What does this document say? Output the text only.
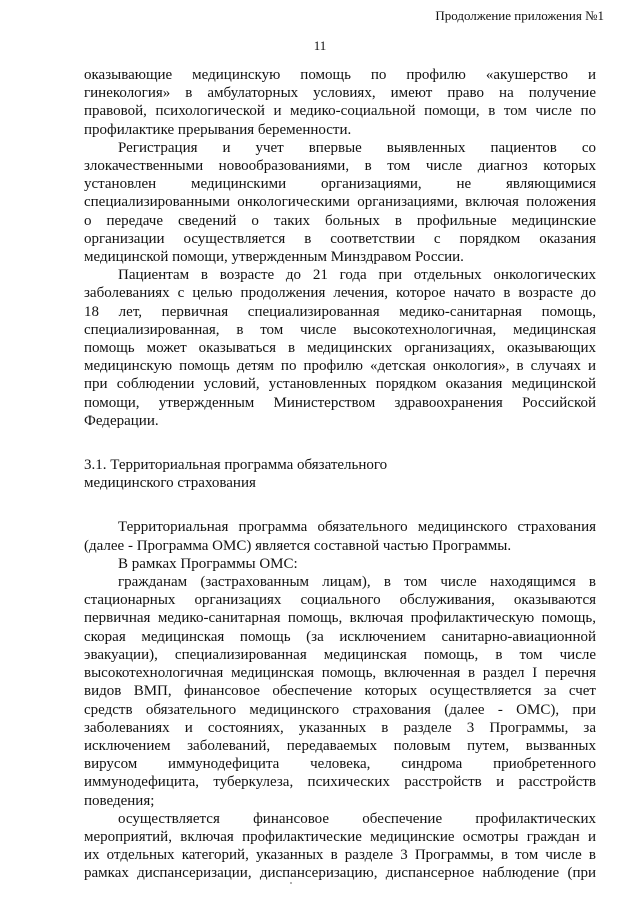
Продолжение приложения №1
11
оказывающие медицинскую помощь по профилю «акушерство и
гинекология» в амбулаторных условиях, имеют право на получение
правовой, психологической и медико-социальной помощи, в том числе по
профилактике прерывания беременности.
Регистрация и учет впервые выявленных пациентов со
злокачественными новообразованиями, в том числе диагноз которых
установлен медицинскими организациями, не являющимися
специализированными онкологическими организациями, включая положения
о передаче сведений о таких больных в профильные медицинские
организации осуществляется в соответствии с порядком оказания
медицинской помощи, утвержденным Минздравом России.
Пациентам в возрасте до 21 года при отдельных онкологических
заболеваниях с целью продолжения лечения, которое начато в возрасте до
18 лет, первичная специализированная медико-санитарная помощь,
специализированная, в том числе высокотехнологичная, медицинская
помощь может оказываться в медицинских организациях, оказывающих
медицинскую помощь детям по профилю «детская онкология», в случаях и
при соблюдении условий, установленных порядком оказания медицинской
помощи, утвержденным Министерством здравоохранения Российской
Федерации.

3.1. Территориальная программа обязательного

медицинского страхования

Территориальная программа обязательного медицинского страхования
(далее - Программа ОМС) является составной частью Программы.
В рамках Программы ОМС:
гражданам (застрахованным лицам), в том числе находящимся в
стационарных организациях социального обслуживания, оказываются
первичная медико-санитарная помощь, включая профилактическую помощь,
скорая медицинская помощь (за исключением санитарно-авиационной
эвакуации), специализированная медицинская помощь, в том числе
высокотехнологичная медицинская помощь, включенная в раздел I перечня
видов ВМП, финансовое обеспечение которых осуществляется за счет
средств обязательного медицинского страхования (далее - ОМС), при
заболеваниях и состояниях, указанных в разделе 3 Программы, за
исключением заболеваний, передаваемых половым путем, вызванных
вирусом иммунодефицита человека, синдрома приобретенного
иммунодефицита, туберкулеза, психических расстройств и расстройств
поведения;
осуществляется финансовое обеспечение профилактических
мероприятий, включая профилактические медицинские осмотры граждан и
их отдельных категорий, указанных в разделе 3 Программы, в том числе в
рамках диспансеризации, диспансеризацию, диспансерное наблюдение (при
